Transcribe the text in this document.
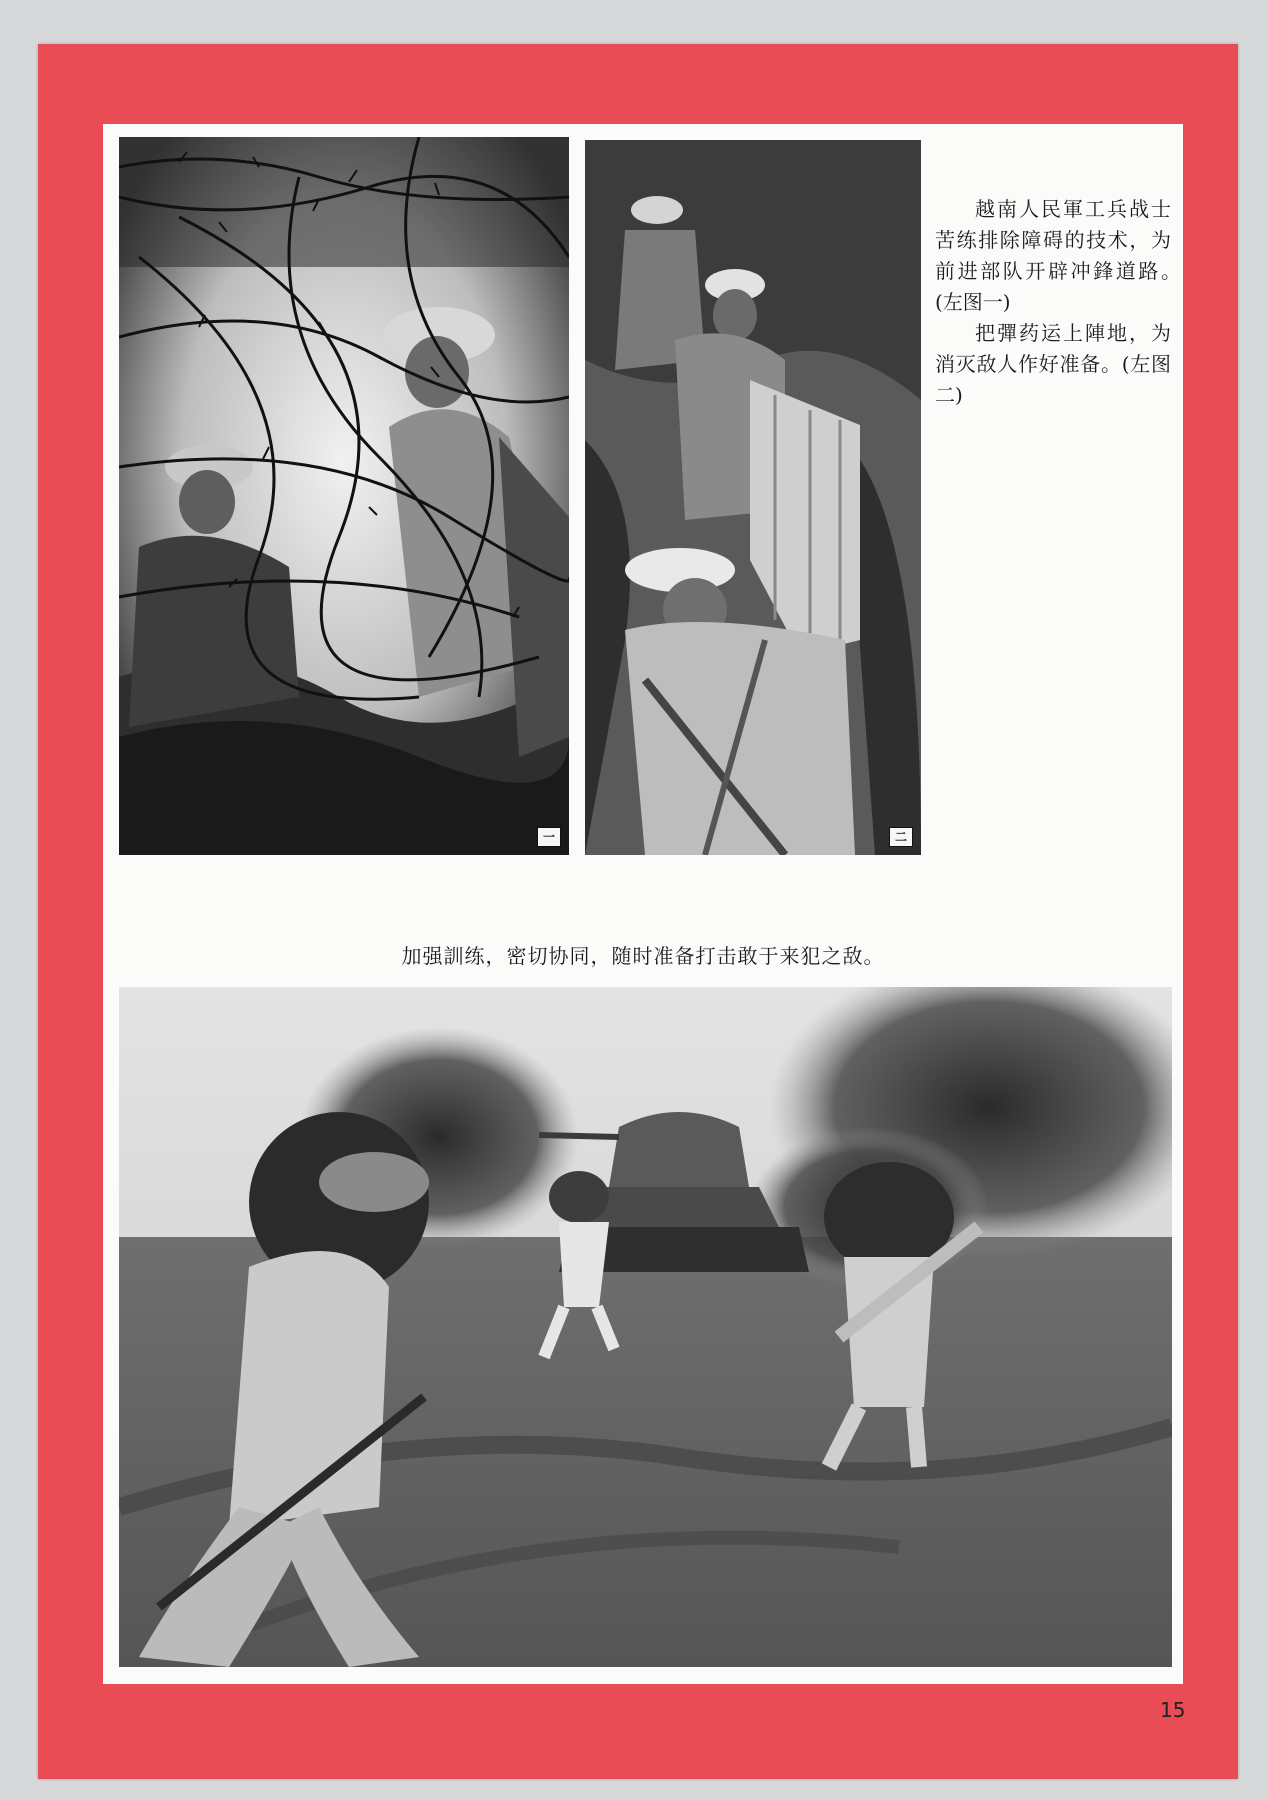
一	二

越南人民軍工兵战士苦练排除障碍的技术，为前进部队开辟冲鋒道路。　(左图一)

把彈药运上陣地，为消灭敌人作好准备。(左图二)

加强訓练，密切协同，随时准备打击敢于来犯之敌。
15
